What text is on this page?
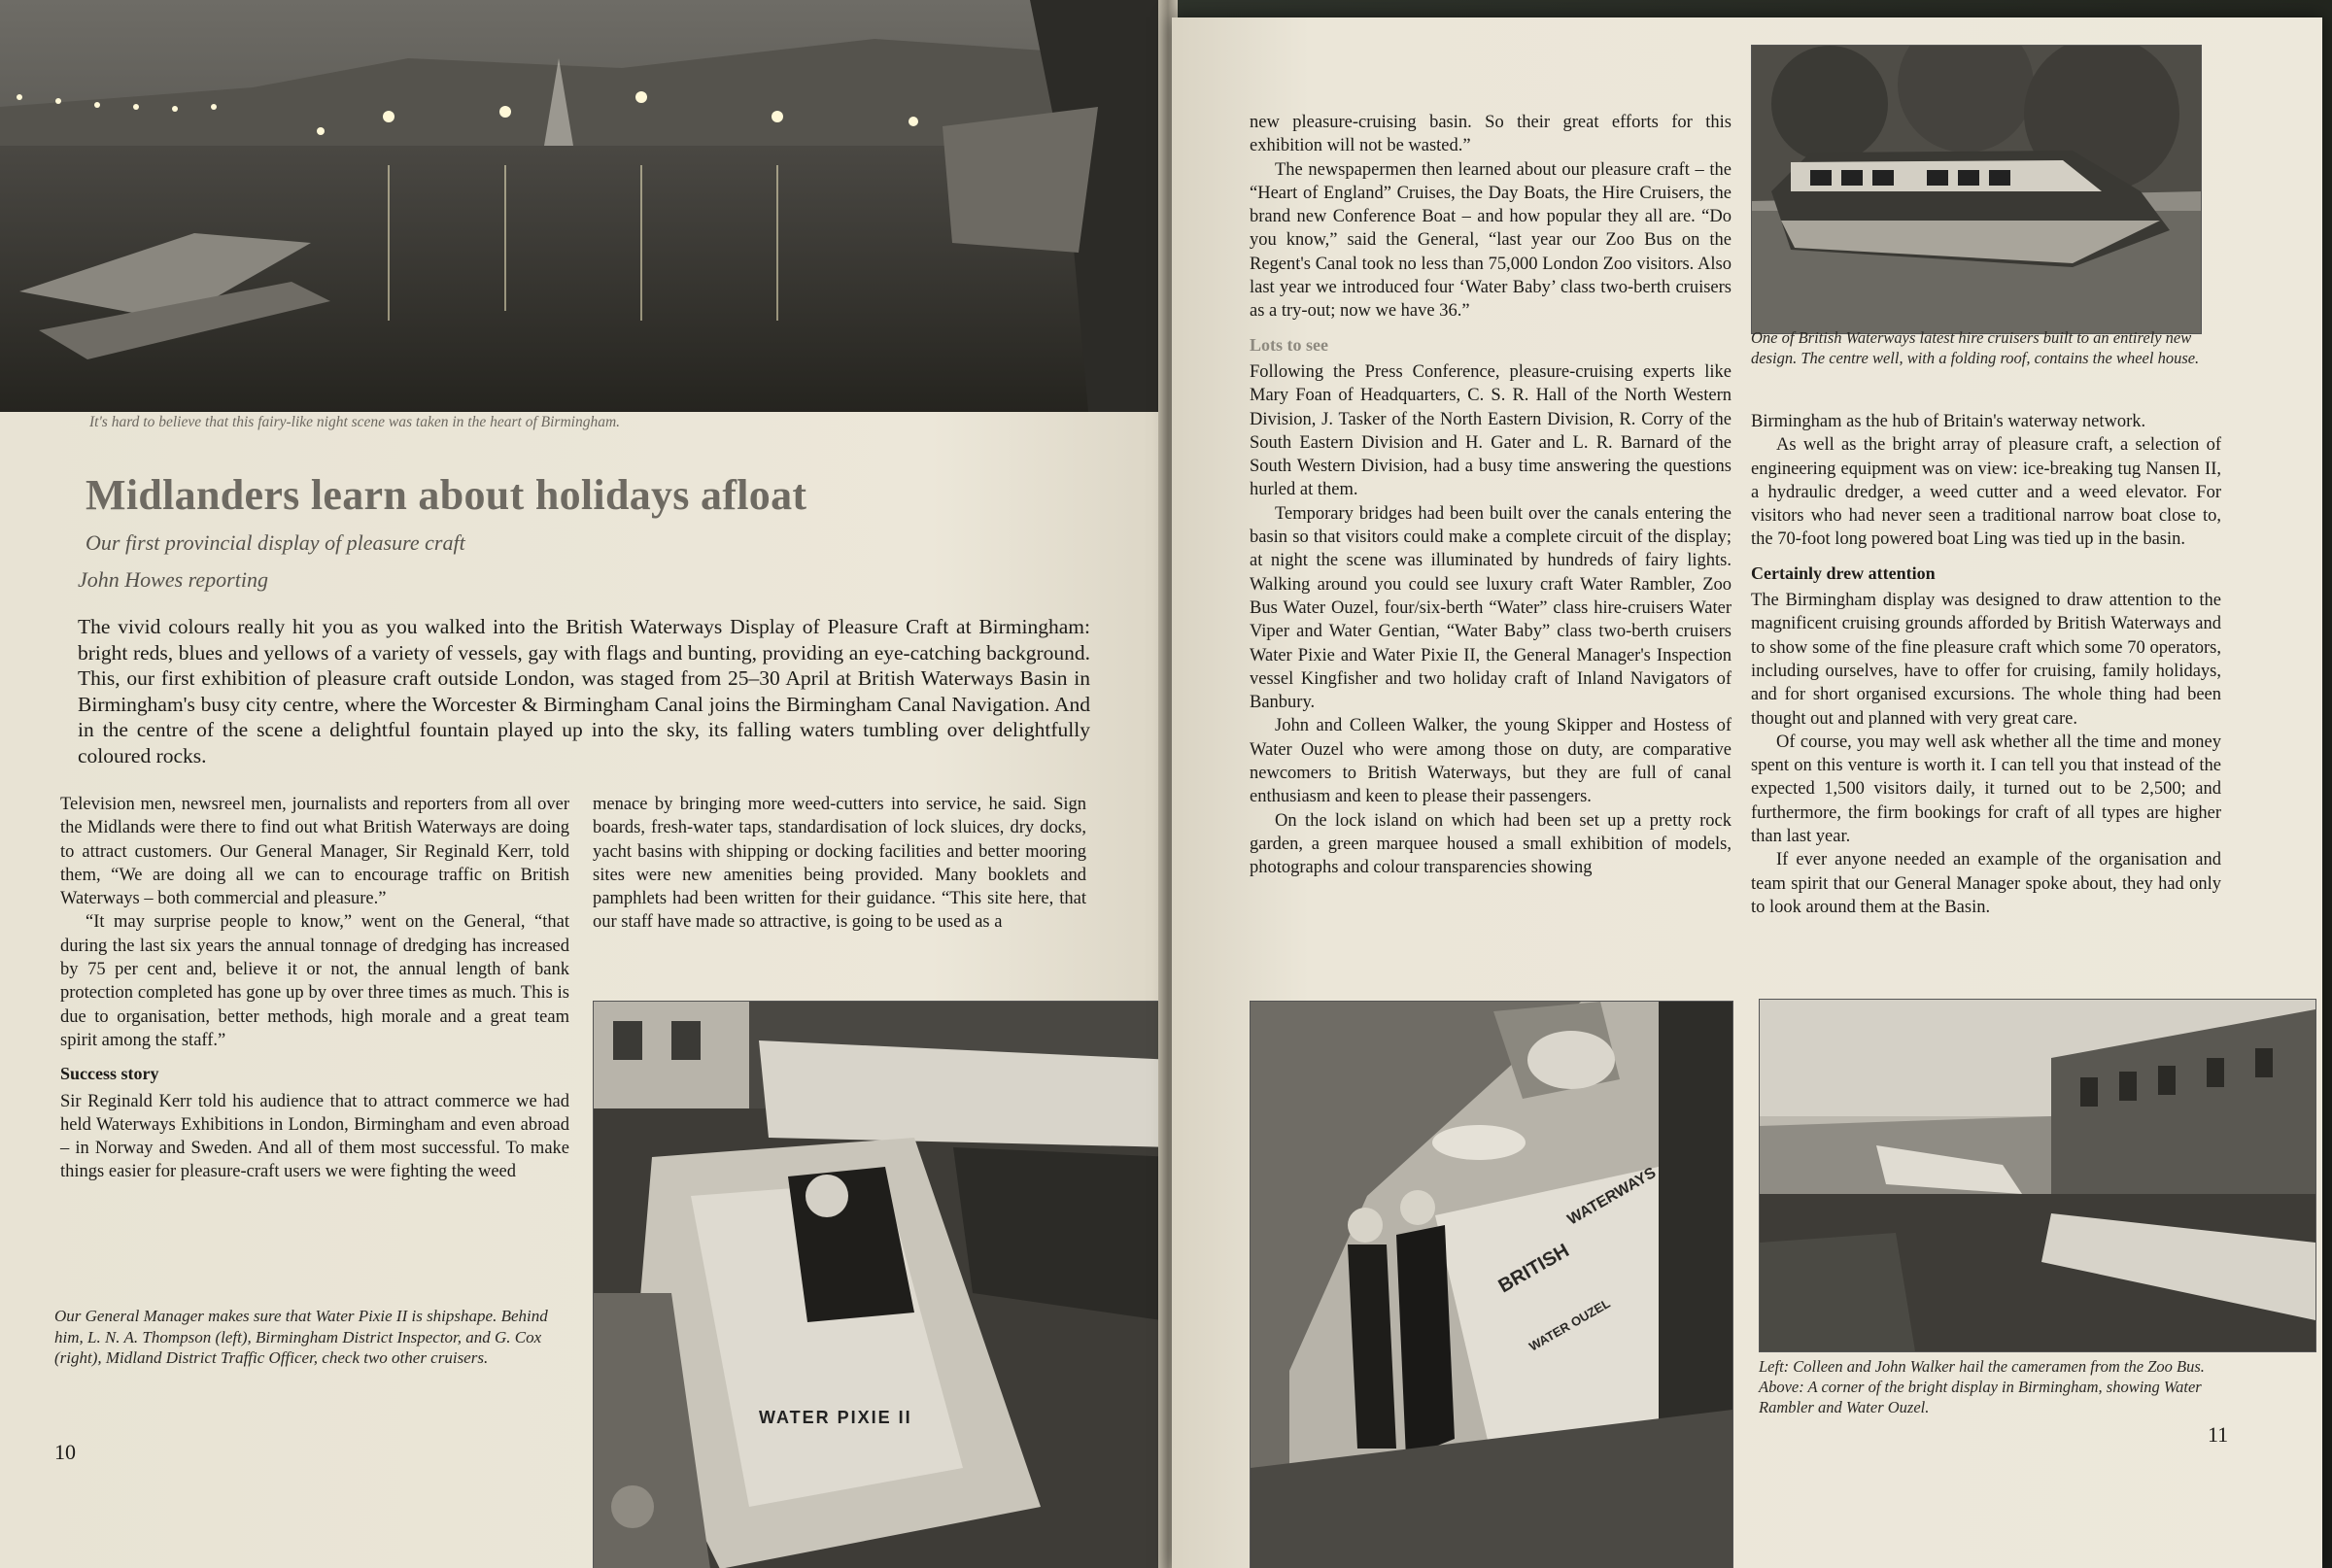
It's hard to believe that this fairy-like night scene was taken in the heart of Birmingham.
Midlanders learn about holidays afloat
Our first provincial display of pleasure craft
John Howes reporting
The vivid colours really hit you as you walked into the British Waterways Display of Pleasure Craft at Birmingham: bright reds, blues and yellows of a variety of vessels, gay with flags and bunting, providing an eye-catching background. This, our first exhibition of pleasure craft outside London, was staged from 25–30 April at British Waterways Basin in Birmingham's busy city centre, where the Worcester & Birmingham Canal joins the Birmingham Canal Navigation. And in the centre of the scene a delightful fountain played up into the sky, its falling waters tumbling over delightfully coloured rocks.

Television men, newsreel men, journalists and reporters from all over the Midlands were there to find out what British Waterways are doing to attract customers. Our General Manager, Sir Reginald Kerr, told them, “We are doing all we can to encourage traffic on British Waterways – both commercial and pleasure.”

“It may surprise people to know,” went on the General, “that during the last six years the annual tonnage of dredging has increased by 75 per cent and, believe it or not, the annual length of bank protection completed has gone up by over three times as much. This is due to organisation, better methods, high morale and a great team spirit among the staff.”

Success story

Sir Reginald Kerr told his audience that to attract commerce we had held Waterways Exhibitions in London, Birmingham and even abroad – in Norway and Sweden. And all of them most successful. To make things easier for pleasure-craft users we were fighting the weed

menace by bringing more weed-cutters into service, he said. Sign boards, fresh-water taps, standardisation of lock sluices, dry docks, yacht basins with shipping or docking facilities and better mooring sites were new amenities being provided. Many booklets and pamphlets had been written for their guidance. “This site here, that our staff have made so attractive, is going to be used as a

WATER PIXIE II
Our General Manager makes sure that Water Pixie II is shipshape. Behind him, L. N. A. Thompson (left), Birmingham District Inspector, and G. Cox (right), Midland District Traffic Officer, check two other cruisers.
10

new pleasure-cruising basin. So their great efforts for this exhibition will not be wasted.”

The newspapermen then learned about our pleasure craft – the “Heart of England” Cruises, the Day Boats, the Hire Cruisers, the brand new Conference Boat – and how popular they all are. “Do you know,” said the General, “last year our Zoo Bus on the Regent's Canal took no less than 75,000 London Zoo visitors. Also last year we introduced four ‘Water Baby’ class two-berth cruisers as a try-out; now we have 36.”

Lots to see

Following the Press Conference, pleasure-cruising experts like Mary Foan of Headquarters, C. S. R. Hall of the North Western Division, J. Tasker of the North Eastern Division, R. Corry of the South Eastern Division and H. Gater and L. R. Barnard of the South Western Division, had a busy time answering the questions hurled at them.

Temporary bridges had been built over the canals entering the basin so that visitors could make a complete circuit of the display; at night the scene was illuminated by hundreds of fairy lights. Walking around you could see luxury craft Water Rambler, Zoo Bus Water Ouzel, four/six-berth “Water” class hire-cruisers Water Viper and Water Gentian, “Water Baby” class two-berth cruisers Water Pixie and Water Pixie II, the General Manager's Inspection vessel Kingfisher and two holiday craft of Inland Navigators of Banbury.

John and Colleen Walker, the young Skipper and Hostess of Water Ouzel who were among those on duty, are comparative newcomers to British Waterways, but they are full of canal enthusiasm and keen to please their passengers.

On the lock island on which had been set up a pretty rock garden, a green marquee housed a small exhibition of models, photographs and colour transparencies showing

One of British Waterways latest hire cruisers built to an entirely new design. The centre well, with a folding roof, contains the wheel house.

Birmingham as the hub of Britain's waterway network.

As well as the bright array of pleasure craft, a selection of engineering equipment was on view: ice-breaking tug Nansen II, a hydraulic dredger, a weed cutter and a weed elevator. For visitors who had never seen a traditional narrow boat close to, the 70-foot long powered boat Ling was tied up in the basin.

Certainly drew attention

The Birmingham display was designed to draw attention to the magnificent cruising grounds afforded by British Waterways and to show some of the fine pleasure craft which some 70 operators, including ourselves, have to offer for cruising, family holidays, and for short organised excursions. The whole thing had been thought out and planned with very great care.

Of course, you may well ask whether all the time and money spent on this venture is worth it. I can tell you that instead of the expected 1,500 visitors daily, it turned out to be 2,500; and furthermore, the firm bookings for craft of all types are higher than last year.

If ever anyone needed an example of the organisation and team spirit that our General Manager spoke about, they had only to look around them at the Basin.

BRITISH
WATERWAYS
WATER OUZEL
Left: Colleen and John Walker hail the cameramen from the Zoo Bus. Above: A corner of the bright display in Birmingham, showing Water Rambler and Water Ouzel.
11
